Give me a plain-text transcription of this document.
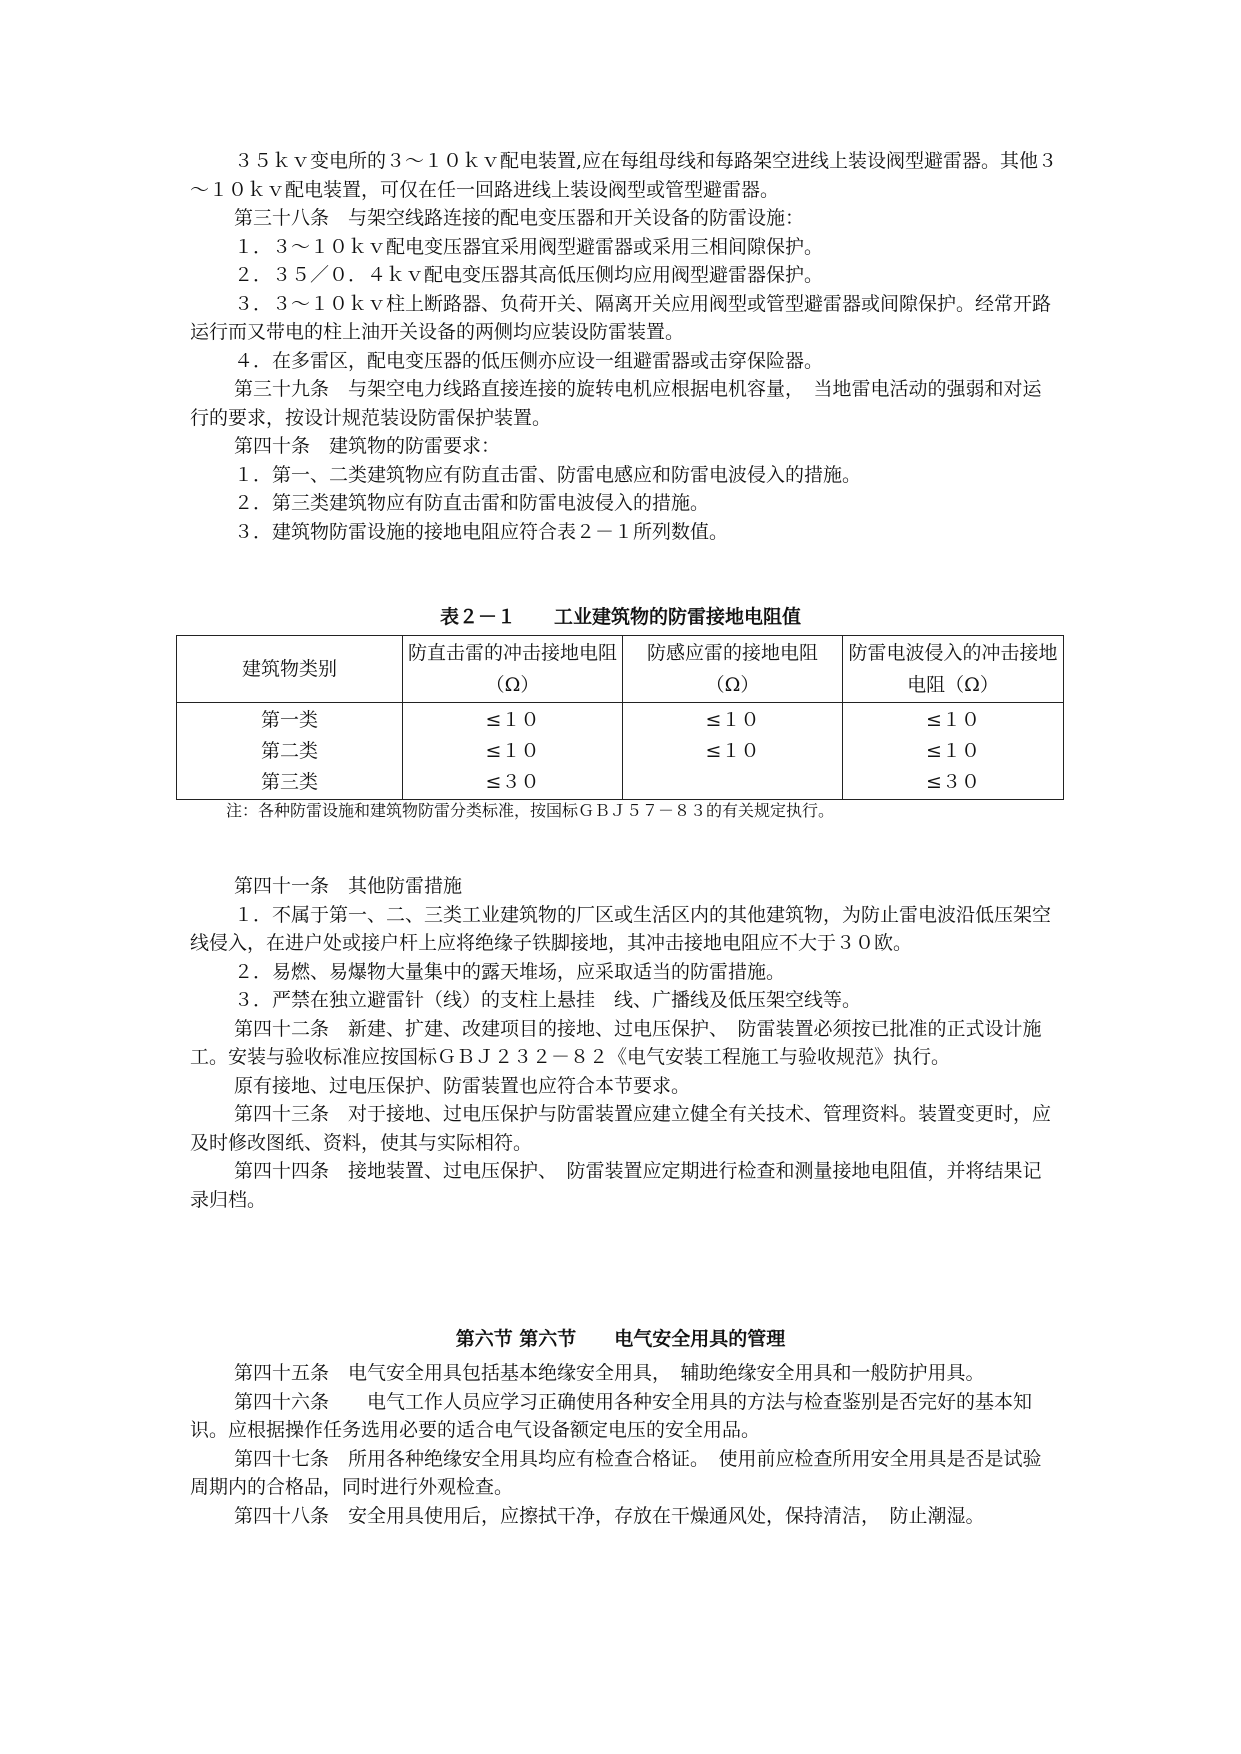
３５ｋｖ变电所的３～１０ｋｖ配电装置,应在每组母线和每路架空进线上装设阀型避雷器。其他３～１０ｋｖ配电装置，可仅在任一回路进线上装设阀型或管型避雷器。

第三十八条　与架空线路连接的配电变压器和开关设备的防雷设施：

１．３～１０ｋｖ配电变压器宜采用阀型避雷器或采用三相间隙保护。

２．３５／０．４ｋｖ配电变压器其高低压侧均应用阀型避雷器保护。

３．３～１０ｋｖ柱上断路器、负荷开关、隔离开关应用阀型或管型避雷器或间隙保护。经常开路运行而又带电的柱上油开关设备的两侧均应装设防雷装置。

４．在多雷区，配电变压器的低压侧亦应设一组避雷器或击穿保险器。

第三十九条　与架空电力线路直接连接的旋转电机应根据电机容量，　当地雷电活动的强弱和对运行的要求，按设计规范装设防雷保护装置。

第四十条　建筑物的防雷要求：

１．第一、二类建筑物应有防直击雷、防雷电感应和防雷电波侵入的措施。

２．第三类建筑物应有防直击雷和防雷电波侵入的措施。

３．建筑物防雷设施的接地电阻应符合表２－１所列数值。

表２－１　　工业建筑物的防雷接地电阻值
建筑物类别	防直击雷的冲击接地电阻（Ω）	防感应雷的接地电阻（Ω）	防雷电波侵入的冲击接地电阻（Ω）
第一类	≤１０	≤１０	≤１０
第二类	≤１０	≤１０	≤１０
第三类	≤３０		≤３０
注：各种防雷设施和建筑物防雷分类标准，按国标ＧＢＪ５７－８３的有关规定执行。

第四十一条　其他防雷措施

１．不属于第一、二、三类工业建筑物的厂区或生活区内的其他建筑物，为防止雷电波沿低压架空线侵入，在进户处或接户杆上应将绝缘子铁脚接地，其冲击接地电阻应不大于３０欧。

２．易燃、易爆物大量集中的露天堆场，应采取适当的防雷措施。

３．严禁在独立避雷针（线）的支柱上悬挂　线、广播线及低压架空线等。

第四十二条　新建、扩建、改建项目的接地、过电压保护、　防雷装置必须按已批准的正式设计施工。安装与验收标准应按国标ＧＢＪ２３２－８２《电气安装工程施工与验收规范》执行。

原有接地、过电压保护、防雷装置也应符合本节要求。

第四十三条　对于接地、过电压保护与防雷装置应建立健全有关技术、管理资料。装置变更时，应及时修改图纸、资料，使其与实际相符。

第四十四条　接地装置、过电压保护、　防雷装置应定期进行检查和测量接地电阻值，并将结果记录归档。

第六节 第六节　　电气安全用具的管理

第四十五条　电气安全用具包括基本绝缘安全用具，　辅助绝缘安全用具和一般防护用具。

第四十六条　　电气工作人员应学习正确使用各种安全用具的方法与检查鉴别是否完好的基本知识。应根据操作任务选用必要的适合电气设备额定电压的安全用品。

第四十七条　所用各种绝缘安全用具均应有检查合格证。　使用前应检查所用安全用具是否是试验周期内的合格品，同时进行外观检查。

第四十八条　安全用具使用后，应擦拭干净，存放在干燥通风处，保持清洁，　防止潮湿。
